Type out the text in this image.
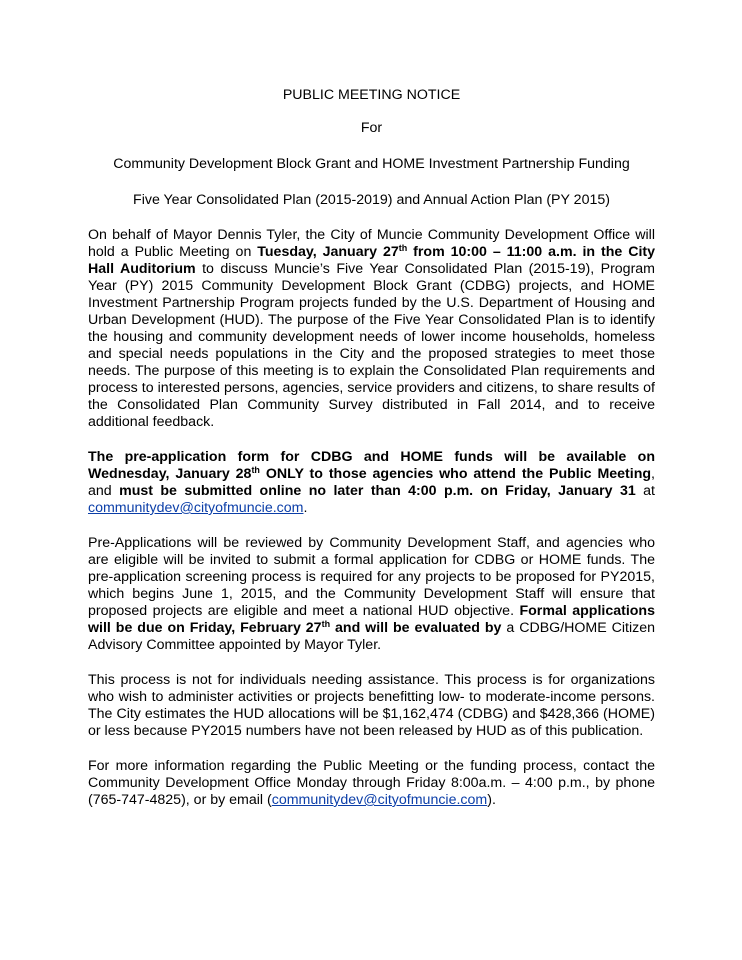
PUBLIC MEETING NOTICE

For

Community Development Block Grant and HOME Investment Partnership Funding

Five Year Consolidated Plan (2015-2019) and Annual Action Plan (PY 2015)

On behalf of Mayor Dennis Tyler, the City of Muncie Community Development Office will hold a Public Meeting on Tuesday, January 27th from 10:00 – 11:00 a.m. in the City Hall Auditorium to discuss Muncie’s Five Year Consolidated Plan (2015-19), Program Year (PY) 2015 Community Development Block Grant (CDBG) projects, and HOME Investment Partnership Program projects funded by the U.S. Department of Housing and Urban Development (HUD). The purpose of the Five Year Consolidated Plan is to identify the housing and community development needs of lower income households, homeless and special needs populations in the City and the proposed strategies to meet those needs. The purpose of this meeting is to explain the Consolidated Plan requirements and process to interested persons, agencies, service providers and citizens, to share results of the Consolidated Plan Community Survey distributed in Fall 2014, and to receive additional feedback.

The pre-application form for CDBG and HOME funds will be available on Wednesday, January 28th ONLY to those agencies who attend the Public Meeting, and must be submitted online no later than 4:00 p.m. on Friday, January 31 at communitydev@cityofmuncie.com.

Pre-Applications will be reviewed by Community Development Staff, and agencies who are eligible will be invited to submit a formal application for CDBG or HOME funds. The pre-application screening process is required for any projects to be proposed for PY2015, which begins June 1, 2015, and the Community Development Staff will ensure that proposed projects are eligible and meet a national HUD objective. Formal applications will be due on Friday, February 27th and will be evaluated by a CDBG/HOME Citizen Advisory Committee appointed by Mayor Tyler.

This process is not for individuals needing assistance. This process is for organizations who wish to administer activities or projects benefitting low- to moderate-income persons. The City estimates the HUD allocations will be $1,162,474 (CDBG) and $428,366 (HOME) or less because PY2015 numbers have not been released by HUD as of this publication.

For more information regarding the Public Meeting or the funding process, contact the Community Development Office Monday through Friday 8:00a.m. – 4:00 p.m., by phone (765-747-4825), or by email (communitydev@cityofmuncie.com).
